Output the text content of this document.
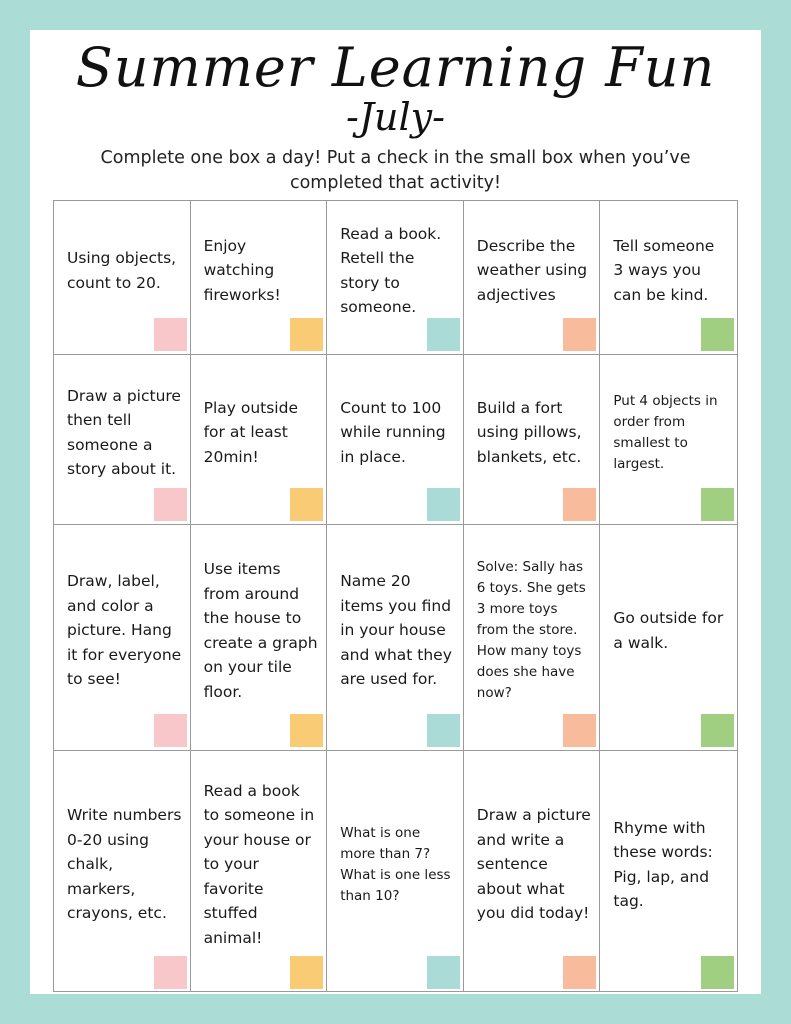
Summer Learning Fun
-July-
Complete one box a day! Put a check in the small box when you’ve completed that activity!
Using objects, count to 20.
Enjoy watching fireworks!
Read a book. Retell the story to someone.
Describe the weather using adjectives
Tell someone 3 ways you can be kind.
Draw a picture then tell someone a story about it.
Play outside for at least 20min!
Count to 100 while running in place.
Build a fort using pillows, blankets, etc.
Put 4 objects in order from smallest to largest.
Draw, label, and color a picture. Hang it for everyone to see!
Use items from around the house to create a graph on your tile floor.
Name 20 items you find in your house and what they are used for.
Solve: Sally has 6 toys. She gets 3 more toys from the store. How many toys does she have now?
Go outside for a walk.
Write numbers 0-20 using chalk, markers, crayons, etc.
Read a book to someone in your house or to your favorite stuffed animal!
What is one more than 7? What is one less than 10?
Draw a picture and write a sentence about what you did today!
Rhyme with these words: Pig, lap, and tag.
